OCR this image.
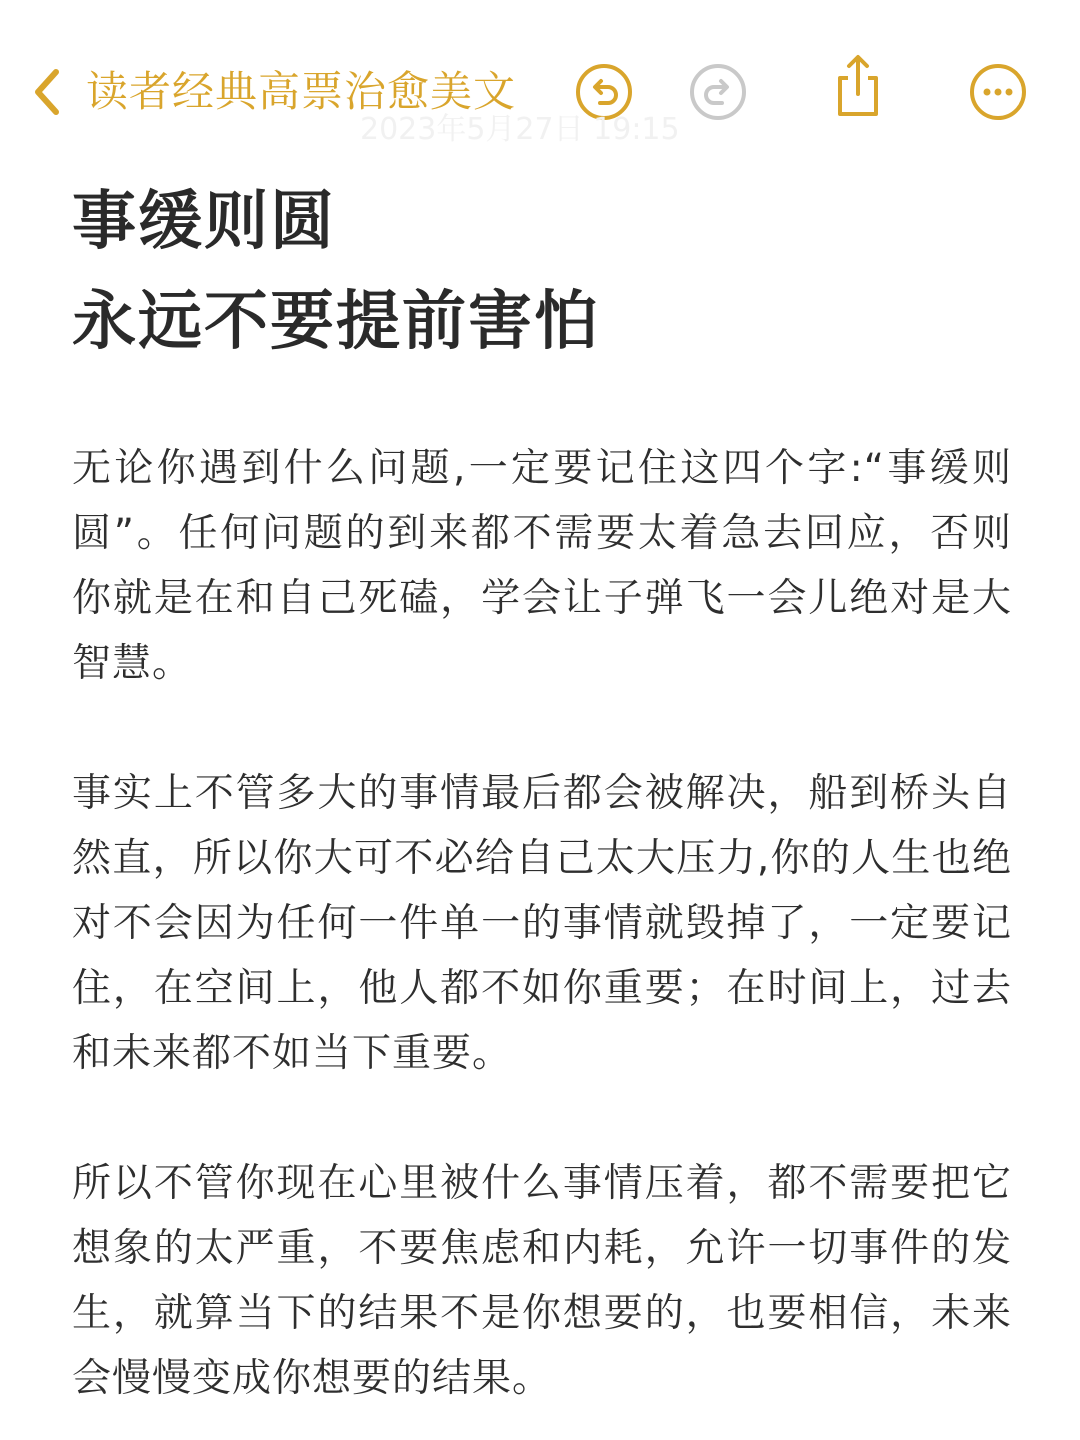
读者经典高票治愈美文
2023年5月27日 19:15
事缓则圆
永远不要提前害怕

无论你遇到什么问题,一定要记住这四个字:“事缓则圆”。任何问题的到来都不需要太着急去回应，否则你就是在和自己死磕，学会让子弹飞一会儿绝对是大智慧。

事实上不管多大的事情最后都会被解决，船到桥头自然直，所以你大可不必给自己太大压力,你的人生也绝对不会因为任何一件单一的事情就毁掉了，一定要记住，在空间上，他人都不如你重要；在时间上，过去和未来都不如当下重要。

所以不管你现在心里被什么事情压着，都不需要把它想象的太严重，不要焦虑和内耗，允许一切事件的发生，就算当下的结果不是你想要的，也要相信，未来会慢慢变成你想要的结果。
